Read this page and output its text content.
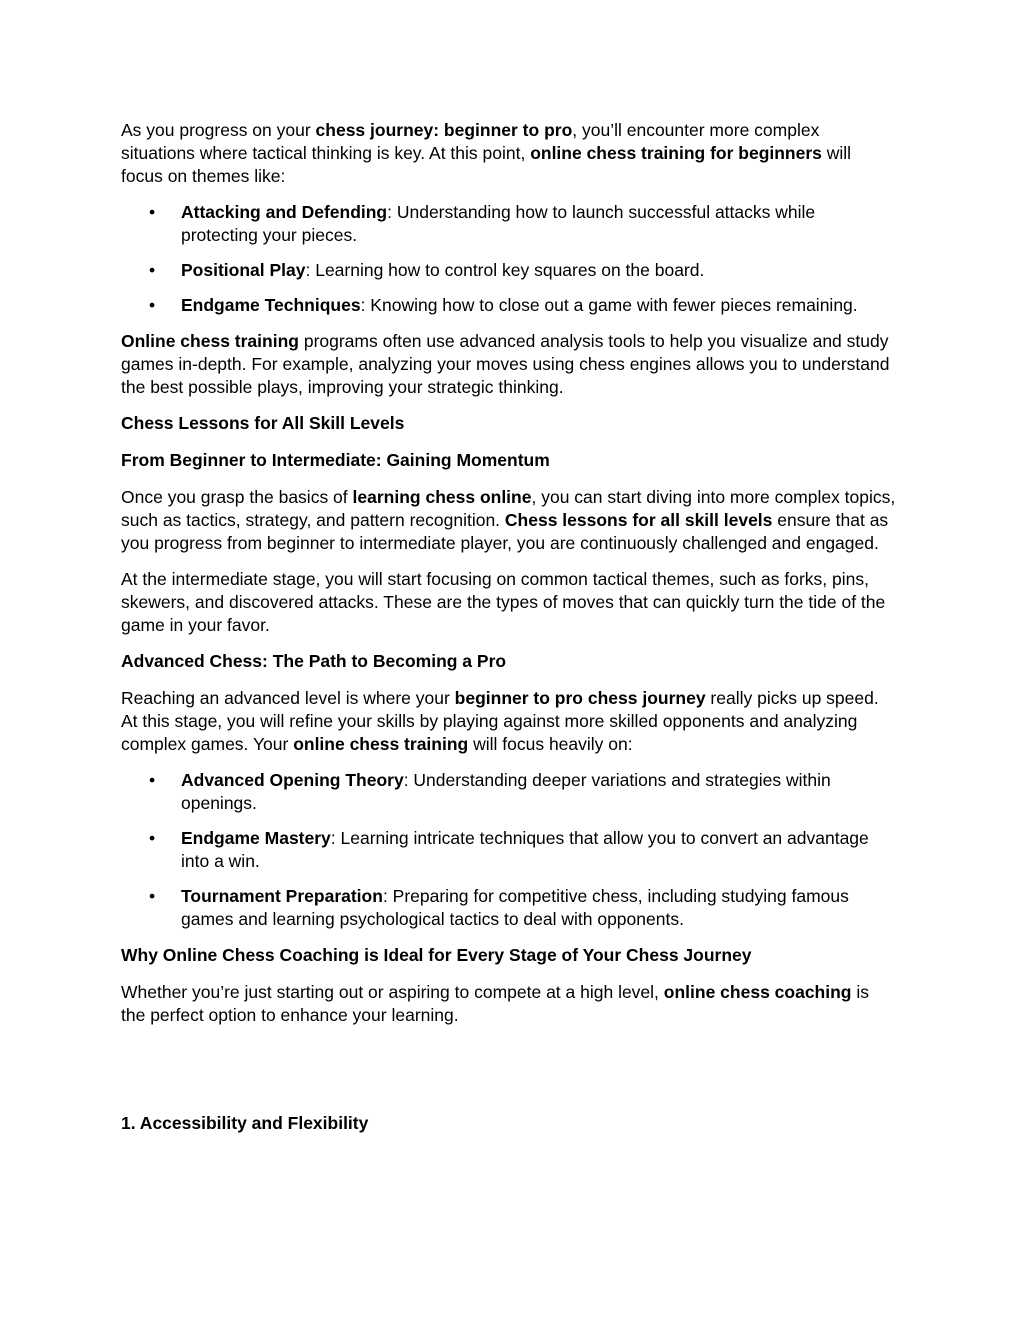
As you progress on your chess journey: beginner to pro, you’ll encounter more complex situations where tactical thinking is key. At this point, online chess training for beginners will focus on themes like:

• Attacking and Defending: Understanding how to launch successful attacks while protecting your pieces.
• Positional Play: Learning how to control key squares on the board.
• Endgame Techniques: Knowing how to close out a game with fewer pieces remaining.

Online chess training programs often use advanced analysis tools to help you visualize and study games in-depth. For example, analyzing your moves using chess engines allows you to understand the best possible plays, improving your strategic thinking.

Chess Lessons for All Skill Levels

From Beginner to Intermediate: Gaining Momentum

Once you grasp the basics of learning chess online, you can start diving into more complex topics, such as tactics, strategy, and pattern recognition. Chess lessons for all skill levels ensure that as you progress from beginner to intermediate player, you are continuously challenged and engaged.

At the intermediate stage, you will start focusing on common tactical themes, such as forks, pins, skewers, and discovered attacks. These are the types of moves that can quickly turn the tide of the game in your favor.

Advanced Chess: The Path to Becoming a Pro

Reaching an advanced level is where your beginner to pro chess journey really picks up speed. At this stage, you will refine your skills by playing against more skilled opponents and analyzing complex games. Your online chess training will focus heavily on:

• Advanced Opening Theory: Understanding deeper variations and strategies within openings.
• Endgame Mastery: Learning intricate techniques that allow you to convert an advantage into a win.
• Tournament Preparation: Preparing for competitive chess, including studying famous games and learning psychological tactics to deal with opponents.

Why Online Chess Coaching is Ideal for Every Stage of Your Chess Journey

Whether you’re just starting out or aspiring to compete at a high level, online chess coaching is the perfect option to enhance your learning.

1. Accessibility and Flexibility
